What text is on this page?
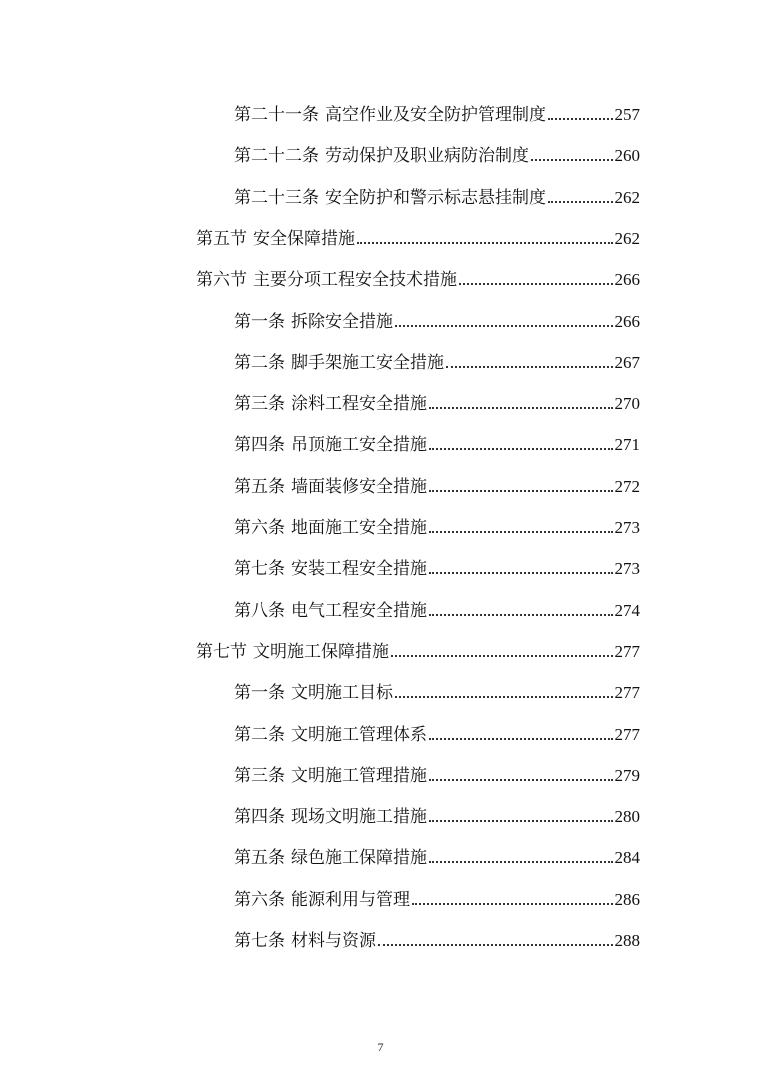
第二十一条 高空作业及安全防护管理制度	257
第二十二条 劳动保护及职业病防治制度	260
第二十三条 安全防护和警示标志悬挂制度	262
第五节 安全保障措施	262
第六节 主要分项工程安全技术措施	266
第一条 拆除安全措施	266
第二条 脚手架施工安全措施	267
第三条 涂料工程安全措施	270
第四条 吊顶施工安全措施	271
第五条 墙面装修安全措施	272
第六条 地面施工安全措施	273
第七条 安装工程安全措施	273
第八条 电气工程安全措施	274
第七节 文明施工保障措施	277
第一条 文明施工目标	277
第二条 文明施工管理体系	277
第三条 文明施工管理措施	279
第四条 现场文明施工措施	280
第五条 绿色施工保障措施	284
第六条 能源利用与管理	286
第七条 材料与资源	288
7
